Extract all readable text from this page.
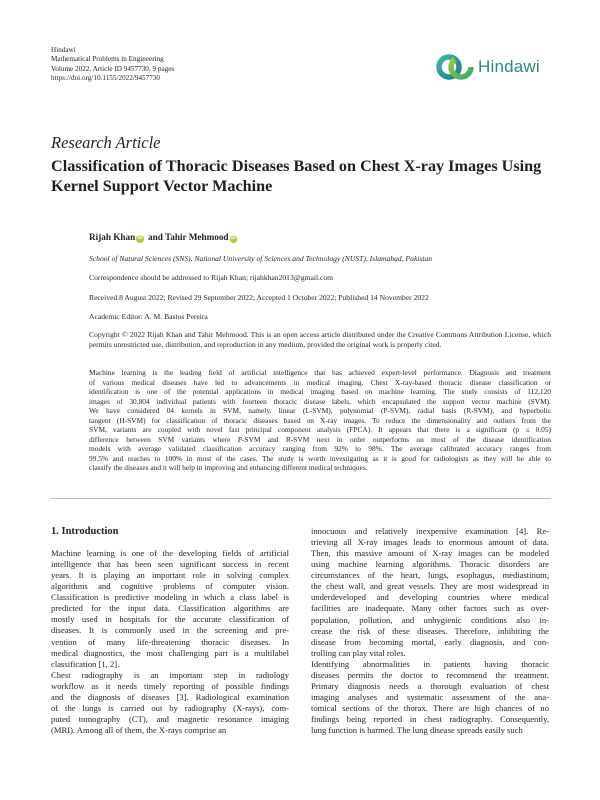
Hindawi
Mathematical Problems in Engineering
Volume 2022, Article ID 9457730, 9 pages
https://doi.org/10.1155/2022/9457730
Hindawi
Research Article
Classification of Thoracic Diseases Based on Chest X-ray Images Using Kernel Support Vector Machine
Rijah Khan iD and Tahir Mehmood iD
School of Natural Sciences (SNS), National University of Sciences and Technology (NUST), Islamabad, Pakistan
Correspondence should be addressed to Rijah Khan; rijahkhan2013@gmail.com
Received 8 August 2022; Revised 29 September 2022; Accepted 1 October 2022; Published 14 November 2022
Academic Editor: A. M. Bastos Pereira
Copyright © 2022 Rijah Khan and Tahir Mehmood. This is an open access article distributed under the Creative Commons Attribution License, which permits unrestricted use, distribution, and reproduction in any medium, provided the original work is properly cited.
Machine learning is the leading field of artificial intelligence that has achieved expert-level performance. Diagnosis and treatment
of various medical diseases have led to advancements in medical imaging. Chest X-ray-based thoracic disease classification or
identification is one of the potential applications in medical imaging based on machine learning. The study consists of 112,120
images of 30,804 individual patients with fourteen thoracic disease labels, which encapsulated the support vector machine (SVM).
We have considered 04 kernels in SVM, namely, linear (L-SVM), polynomial (P-SVM), radial basis (R-SVM), and hyperbolic
tangent (H-SVM) for classification of thoracic diseases based on X-ray images. To reduce the dimensionality and outliers from the
SVM, variants are coupled with novel fast principal component analysis (FPCA). It appears that there is a significant (p ≤ 0.05)
difference between SVM variants where P-SVM and R-SVM next in order outperforms on most of the disease identification
models with average validated classification accuracy ranging from 92% to 98%. The average calibrated accuracy ranges from
99.5% and reaches to 100% in most of the cases. The study is worth investigating as it is good for radiologists as they will be able to
classify the diseases and it will help in improving and enhancing different medical techniques.
1. Introduction
Machine learning is one of the developing fields of artificial
intelligence that has been seen significant success in recent
years. It is playing an important role in solving complex
algorithms and cognitive problems of computer vision.
Classification is predictive modeling in which a class label is
predicted for the input data. Classification algorithms are
mostly used in hospitals for the accurate classification of
diseases. It is commonly used in the screening and pre-
vention of many life-threatening thoracic diseases. In
medical diagnostics, the most challenging part is a multilabel
classification [1, 2].
Chest radiography is an important step in radiology
workflow as it needs timely reporting of possible findings
and the diagnosis of diseases [3]. Radiological examination
of the lungs is carried out by radiography (X-rays), com-
puted tomography (CT), and magnetic resonance imaging
(MRI). Among all of them, the X-rays comprise an
innocuous and relatively inexpensive examination [4]. Re-
trieving all X-ray images leads to enormous amount of data.
Then, this massive amount of X-ray images can be modeled
using machine learning algorithms. Thoracic disorders are
circumstances of the heart, lungs, esophagus, mediastinum,
the chest wall, and great vessels. They are most widespread in
underdeveloped and developing countries where medical
facilities are inadequate. Many other factors such as over-
population, pollution, and unhygienic conditions also in-
crease the risk of these diseases. Therefore, inhibiting the
disease from becoming mortal, early diagnosis, and con-
trolling can play vital roles.
Identifying abnormalities in patients having thoracic
diseases permits the doctor to recommend the treatment.
Primary diagnosis needs a thorough evaluation of chest
imaging analyses and systematic assessment of the ana-
tomical sections of the thorax. There are high chances of no
findings being reported in chest radiography. Consequently,
lung function is harmed. The lung disease spreads easily such
